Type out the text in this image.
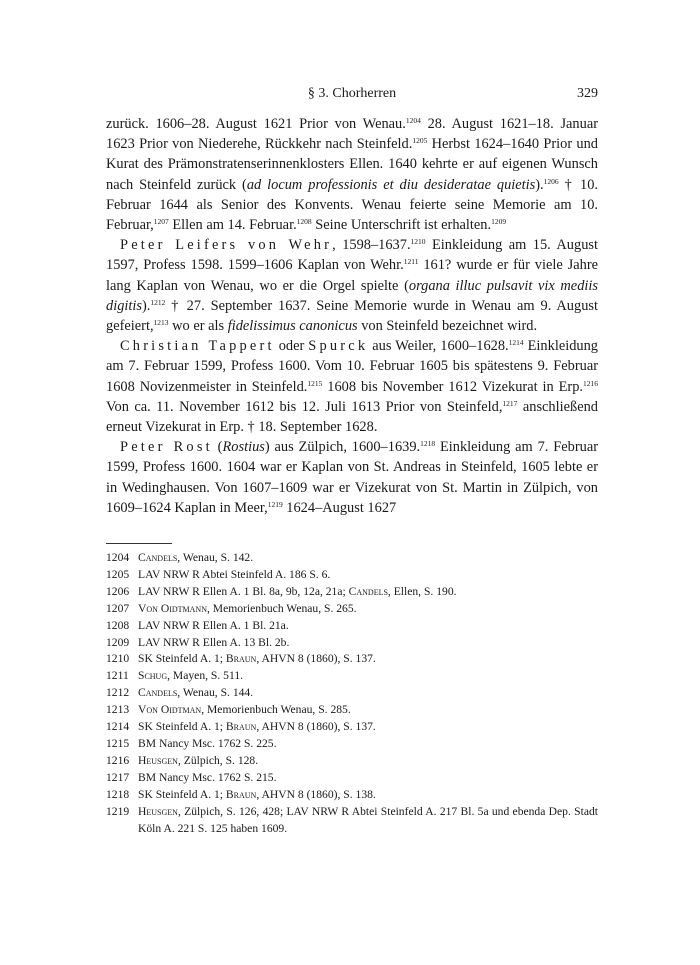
§ 3. Chorherren	329

zurück. 1606–28. August 1621 Prior von Wenau.$^{1204}$ 28. August 1621–18. Januar 1623 Prior von Niederehe, Rückkehr nach Steinfeld.$^{1205}$ Herbst 1624–1640 Prior und Kurat des Prämonstratenserinnenklosters Ellen. 1640 kehrte er auf eigenen Wunsch nach Steinfeld zurück (ad locum professionis et diu desideratae quietis).$^{1206}$ † 10. Februar 1644 als Senior des Konvents. Wenau feierte seine Memorie am 10. Februar,$^{1207}$ Ellen am 14. Februar.$^{1208}$ Seine Unterschrift ist erhalten.$^{1209}$

Peter Leifers von Wehr, 1598–1637.$^{1210}$ Einkleidung am 15. August 1597, Profess 1598. 1599–1606 Kaplan von Wehr.$^{1211}$ 161? wurde er für viele Jahre lang Kaplan von Wenau, wo er die Orgel spielte (organa illuc pulsavit vix mediis digitis).$^{1212}$ † 27. September 1637. Seine Memorie wurde in Wenau am 9. August gefeiert,$^{1213}$ wo er als fidelissimus canonicus von Steinfeld bezeichnet wird.

Christian Tappert oder Spurck aus Weiler, 1600–1628.$^{1214}$ Einkleidung am 7. Februar 1599, Profess 1600. Vom 10. Februar 1605 bis spätestens 9. Februar 1608 Novizenmeister in Steinfeld.$^{1215}$ 1608 bis November 1612 Vizekurat in Erp.$^{1216}$ Von ca. 11. November 1612 bis 12. Juli 1613 Prior von Steinfeld,$^{1217}$ anschließend erneut Vizekurat in Erp. † 18. September 1628.

Peter Rost (Rostius) aus Zülpich, 1600–1639.$^{1218}$ Einkleidung am 7. Februar 1599, Profess 1600. 1604 war er Kaplan von St. Andreas in Steinfeld, 1605 lebte er in Wedinghausen. Von 1607–1609 war er Vizekurat von St. Martin in Zülpich, von 1609–1624 Kaplan in Meer,$^{1219}$ 1624–August 1627

1204 Candels, Wenau, S. 142.
1205 LAV NRW R Abtei Steinfeld A. 186 S. 6.
1206 LAV NRW R Ellen A. 1 Bl. 8a, 9b, 12a, 21a; Candels, Ellen, S. 190.
1207 Von Oidtmann, Memorienbuch Wenau, S. 265.
1208 LAV NRW R Ellen A. 1 Bl. 21a.
1209 LAV NRW R Ellen A. 13 Bl. 2b.
1210 SK Steinfeld A. 1; Braun, AHVN 8 (1860), S. 137.
1211 Schug, Mayen, S. 511.
1212 Candels, Wenau, S. 144.
1213 Von Oidtman, Memorienbuch Wenau, S. 285.
1214 SK Steinfeld A. 1; Braun, AHVN 8 (1860), S. 137.
1215 BM Nancy Msc. 1762 S. 225.
1216 Heusgen, Zülpich, S. 128.
1217 BM Nancy Msc. 1762 S. 215.
1218 SK Steinfeld A. 1; Braun, AHVN 8 (1860), S. 138.
1219 Heusgen, Zülpich, S. 126, 428; LAV NRW R Abtei Steinfeld A. 217 Bl. 5a und ebenda Dep. Stadt Köln A. 221 S. 125 haben 1609.
